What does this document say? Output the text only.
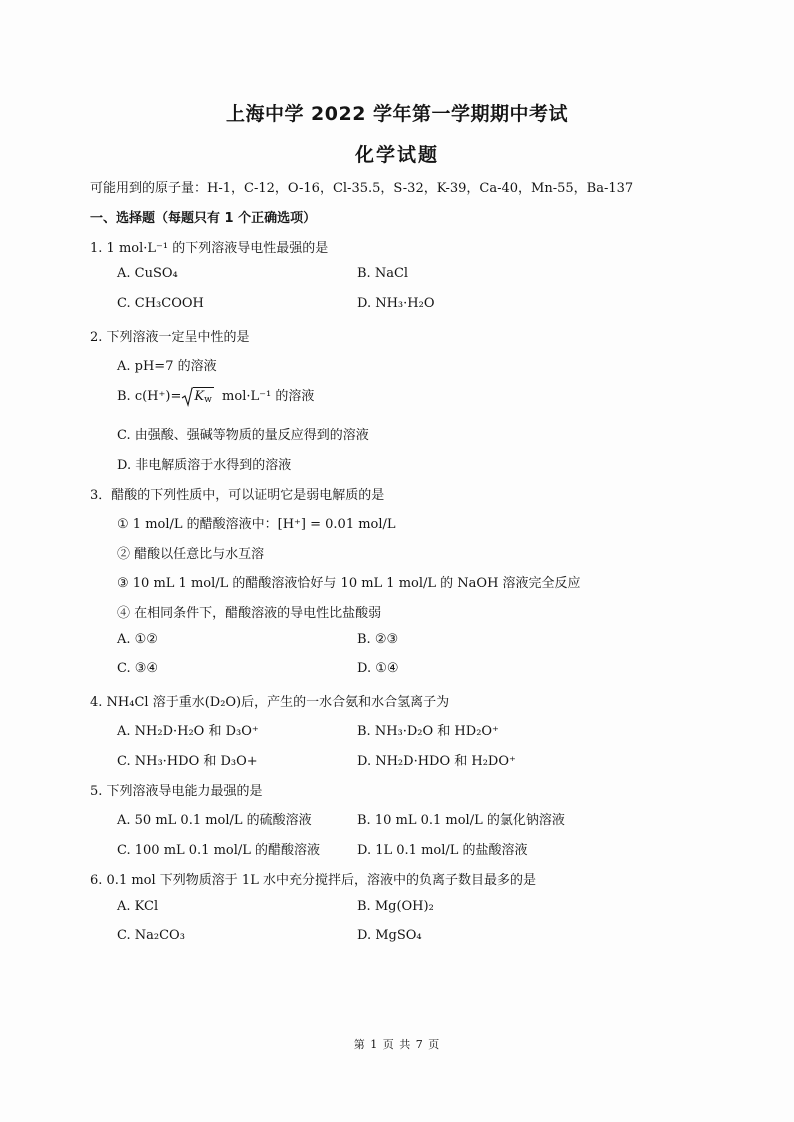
上海中学 2022 学年第一学期期中考试
化学试题
可能用到的原子量：H-1，C-12，O-16，Cl-35.5，S-32，K-39，Ca-40，Mn-55，Ba-137
一、选择题（每题只有 1 个正确选项）
1. 1 mol·L⁻¹ 的下列溶液导电性最强的是
A. CuSO₄	B. NaCl
C. CH₃COOH	D. NH₃·H₂O
2. 下列溶液一定呈中性的是
A. pH=7 的溶液
B. $c(H^+)= K_w$ mol·L⁻¹ 的溶液
C. 由强酸、强碱等物质的量反应得到的溶液
D. 非电解质溶于水得到的溶液
3．醋酸的下列性质中，可以证明它是弱电解质的是
① 1 mol/L 的醋酸溶液中：[H⁺] = 0.01 mol/L
② 醋酸以任意比与水互溶
③ 10 mL 1 mol/L 的醋酸溶液恰好与 10 mL 1 mol/L 的 NaOH 溶液完全反应
④ 在相同条件下，醋酸溶液的导电性比盐酸弱
A. ①②	B. ②③
C. ③④	D. ①④
4. NH₄Cl 溶于重水(D₂O)后，产生的一水合氨和水合氢离子为
A. NH₂D·H₂O 和 D₃O⁺	B. NH₃·D₂O 和 HD₂O⁺
C. NH₃·HDO 和 D₃O+	D. NH₂D·HDO 和 H₂DO⁺
5. 下列溶液导电能力最强的是
A. 50 mL 0.1 mol/L 的硫酸溶液	B. 10 mL 0.1 mol/L 的氯化钠溶液
C. 100 mL 0.1 mol/L 的醋酸溶液	D. 1L 0.1 mol/L 的盐酸溶液
6. 0.1 mol 下列物质溶于 1L 水中充分搅拌后，溶液中的负离子数目最多的是
A. KCl	B. Mg(OH)₂
C. Na₂CO₃	D. MgSO₄
第 1 页 共 7 页
